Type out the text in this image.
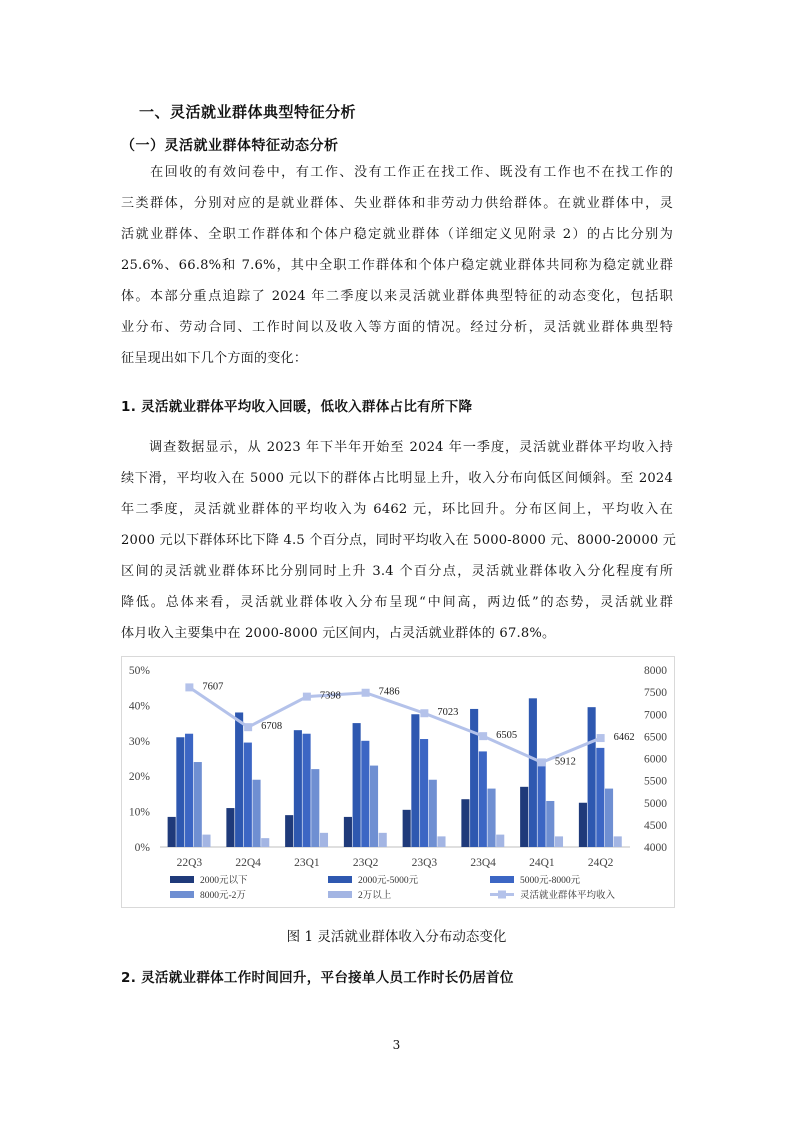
一、灵活就业群体典型特征分析
（一）灵活就业群体特征动态分析
　　在回收的有效问卷中，有工作、没有工作正在找工作、既没有工作也不在找工作的
三类群体，分别对应的是就业群体、失业群体和非劳动力供给群体。在就业群体中，灵
活就业群体、全职工作群体和个体户稳定就业群体（详细定义见附录 2）的占比分别为
25.6%、66.8%和 7.6%，其中全职工作群体和个体户稳定就业群体共同称为稳定就业群
体。本部分重点追踪了 2024 年二季度以来灵活就业群体典型特征的动态变化，包括职
业分布、劳动合同、工作时间以及收入等方面的情况。经过分析，灵活就业群体典型特
征呈现出如下几个方面的变化：
1. 灵活就业群体平均收入回暖，低收入群体占比有所下降
　　调查数据显示，从 2023 年下半年开始至 2024 年一季度，灵活就业群体平均收入持
续下滑，平均收入在 5000 元以下的群体占比明显上升，收入分布向低区间倾斜。至 2024
年二季度，灵活就业群体的平均收入为 6462 元，环比回升。分布区间上，平均收入在
2000 元以下群体环比下降 4.5 个百分点，同时平均收入在 5000-8000 元、8000-20000 元
区间的灵活就业群体环比分别同时上升 3.4 个百分点，灵活就业群体收入分化程度有所
降低。总体来看，灵活就业群体收入分布呈现“中间高，两边低”的态势，灵活就业群
体月收入主要集中在 2000-8000 元区间内，占灵活就业群体的 67.8%。
0%
10%
20%
30%
40%
50%
4000
4500
5000
5500
6000
6500
7000
7500
8000
22Q3	22Q4	23Q1	23Q2	23Q3	23Q4	24Q1	24Q2
7607
6708
7398	7486
7023
6505
5912
6462
2000元以下	2000元-5000元	5000元-8000元
8000元-2万	2万以上	灵活就业群体平均收入
图 1 灵活就业群体收入分布动态变化
2. 灵活就业群体工作时间回升，平台接单人员工作时长仍居首位
3
